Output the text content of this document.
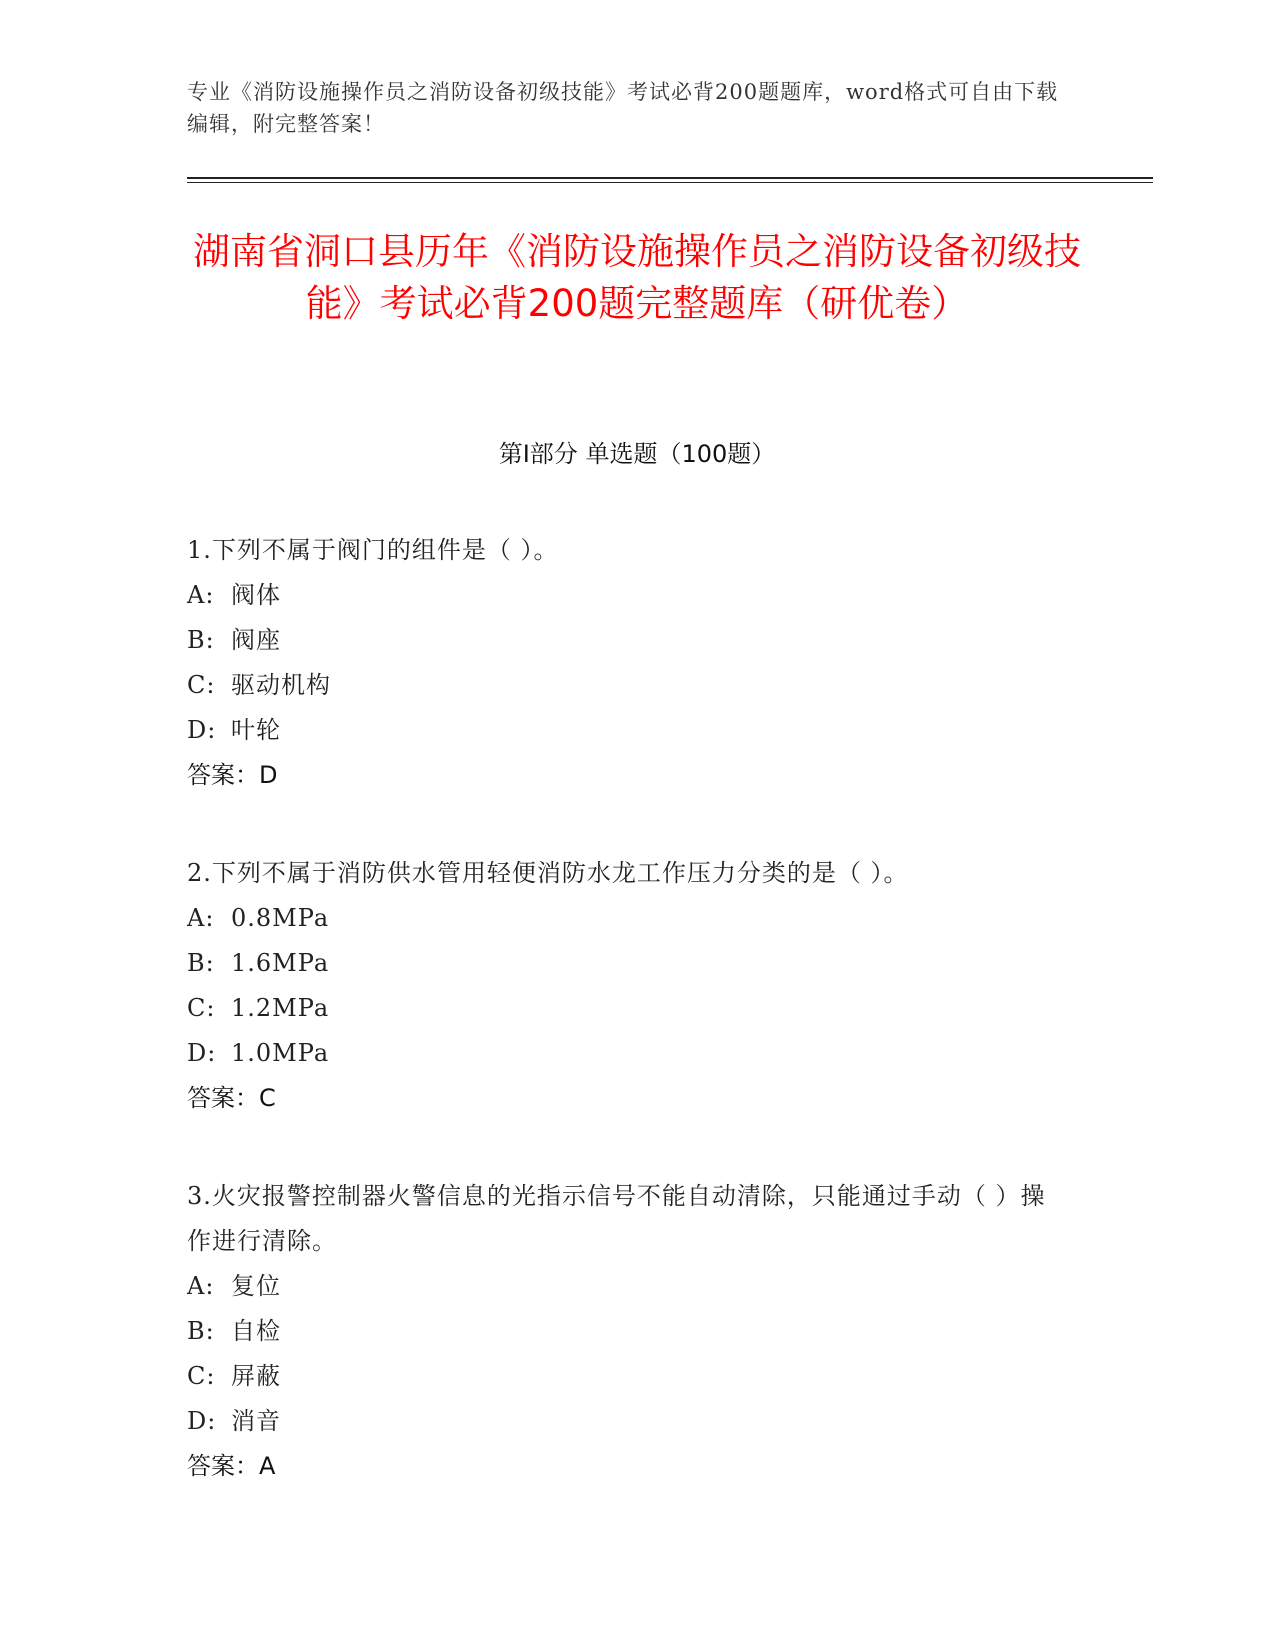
专业《消防设施操作员之消防设备初级技能》考试必背200题题库，word格式可自由下载编辑，附完整答案！
湖南省洞口县历年《消防设施操作员之消防设备初级技能》考试必背200题完整题库（研优卷）
第Ⅰ部分 单选题（100题）

1.下列不属于阀门的组件是（ ）。

A: 阀体

B: 阀座

C: 驱动机构

D: 叶轮

答案：D

2.下列不属于消防供水管用轻便消防水龙工作压力分类的是（ ）。

A: 0.8MPa

B: 1.6MPa

C: 1.2MPa

D: 1.0MPa

答案：C

3.火灾报警控制器火警信息的光指示信号不能自动清除，只能通过手动（ ）操作进行清除。

A: 复位

B: 自检

C: 屏蔽

D: 消音

答案：A
